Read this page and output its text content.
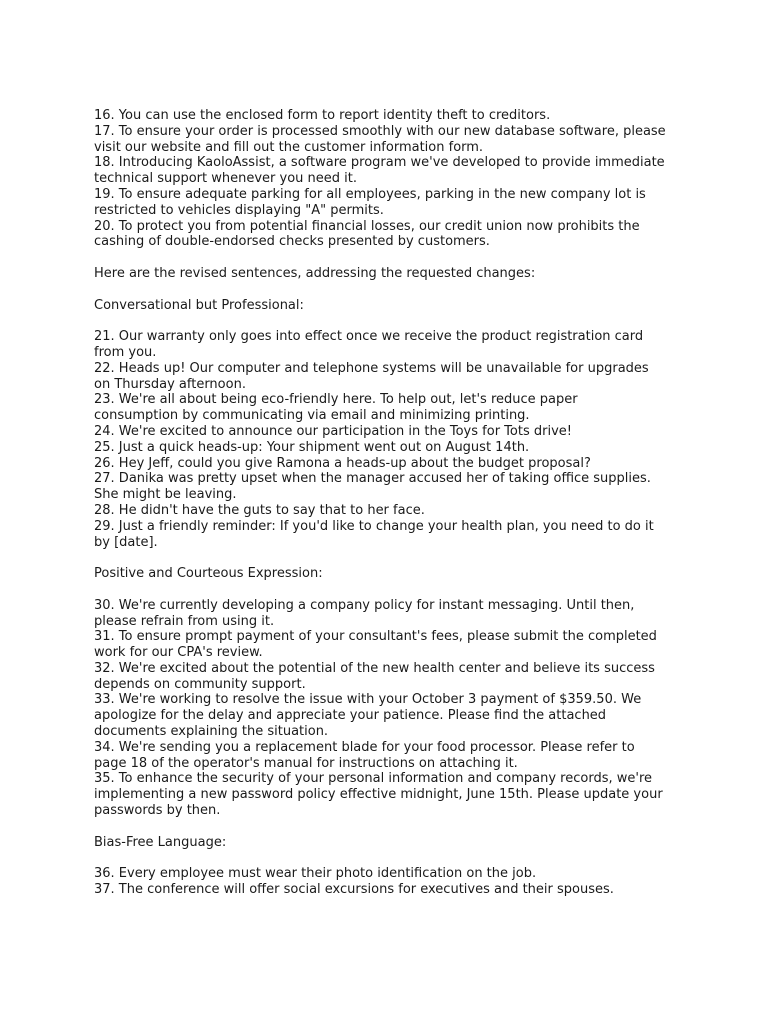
16. You can use the enclosed form to report identity theft to creditors.
17. To ensure your order is processed smoothly with our new database software, please
visit our website and fill out the customer information form.
18. Introducing KaoloAssist, a software program we've developed to provide immediate
technical support whenever you need it.
19. To ensure adequate parking for all employees, parking in the new company lot is
restricted to vehicles displaying "A" permits.
20. To protect you from potential financial losses, our credit union now prohibits the
cashing of double-endorsed checks presented by customers.
Here are the revised sentences, addressing the requested changes:
Conversational but Professional:
21. Our warranty only goes into effect once we receive the product registration card
from you.
22. Heads up! Our computer and telephone systems will be unavailable for upgrades
on Thursday afternoon.
23. We're all about being eco-friendly here. To help out, let's reduce paper
consumption by communicating via email and minimizing printing.
24. We're excited to announce our participation in the Toys for Tots drive!
25. Just a quick heads-up: Your shipment went out on August 14th.
26. Hey Jeff, could you give Ramona a heads-up about the budget proposal?
27. Danika was pretty upset when the manager accused her of taking office supplies.
She might be leaving.
28. He didn't have the guts to say that to her face.
29. Just a friendly reminder: If you'd like to change your health plan, you need to do it
by [date].
Positive and Courteous Expression:
30. We're currently developing a company policy for instant messaging. Until then,
please refrain from using it.
31. To ensure prompt payment of your consultant's fees, please submit the completed
work for our CPA's review.
32. We're excited about the potential of the new health center and believe its success
depends on community support.
33. We're working to resolve the issue with your October 3 payment of $359.50. We
apologize for the delay and appreciate your patience. Please find the attached
documents explaining the situation.
34. We're sending you a replacement blade for your food processor. Please refer to
page 18 of the operator's manual for instructions on attaching it.
35. To enhance the security of your personal information and company records, we're
implementing a new password policy effective midnight, June 15th. Please update your
passwords by then.
Bias-Free Language:
36. Every employee must wear their photo identification on the job.
37. The conference will offer social excursions for executives and their spouses.
